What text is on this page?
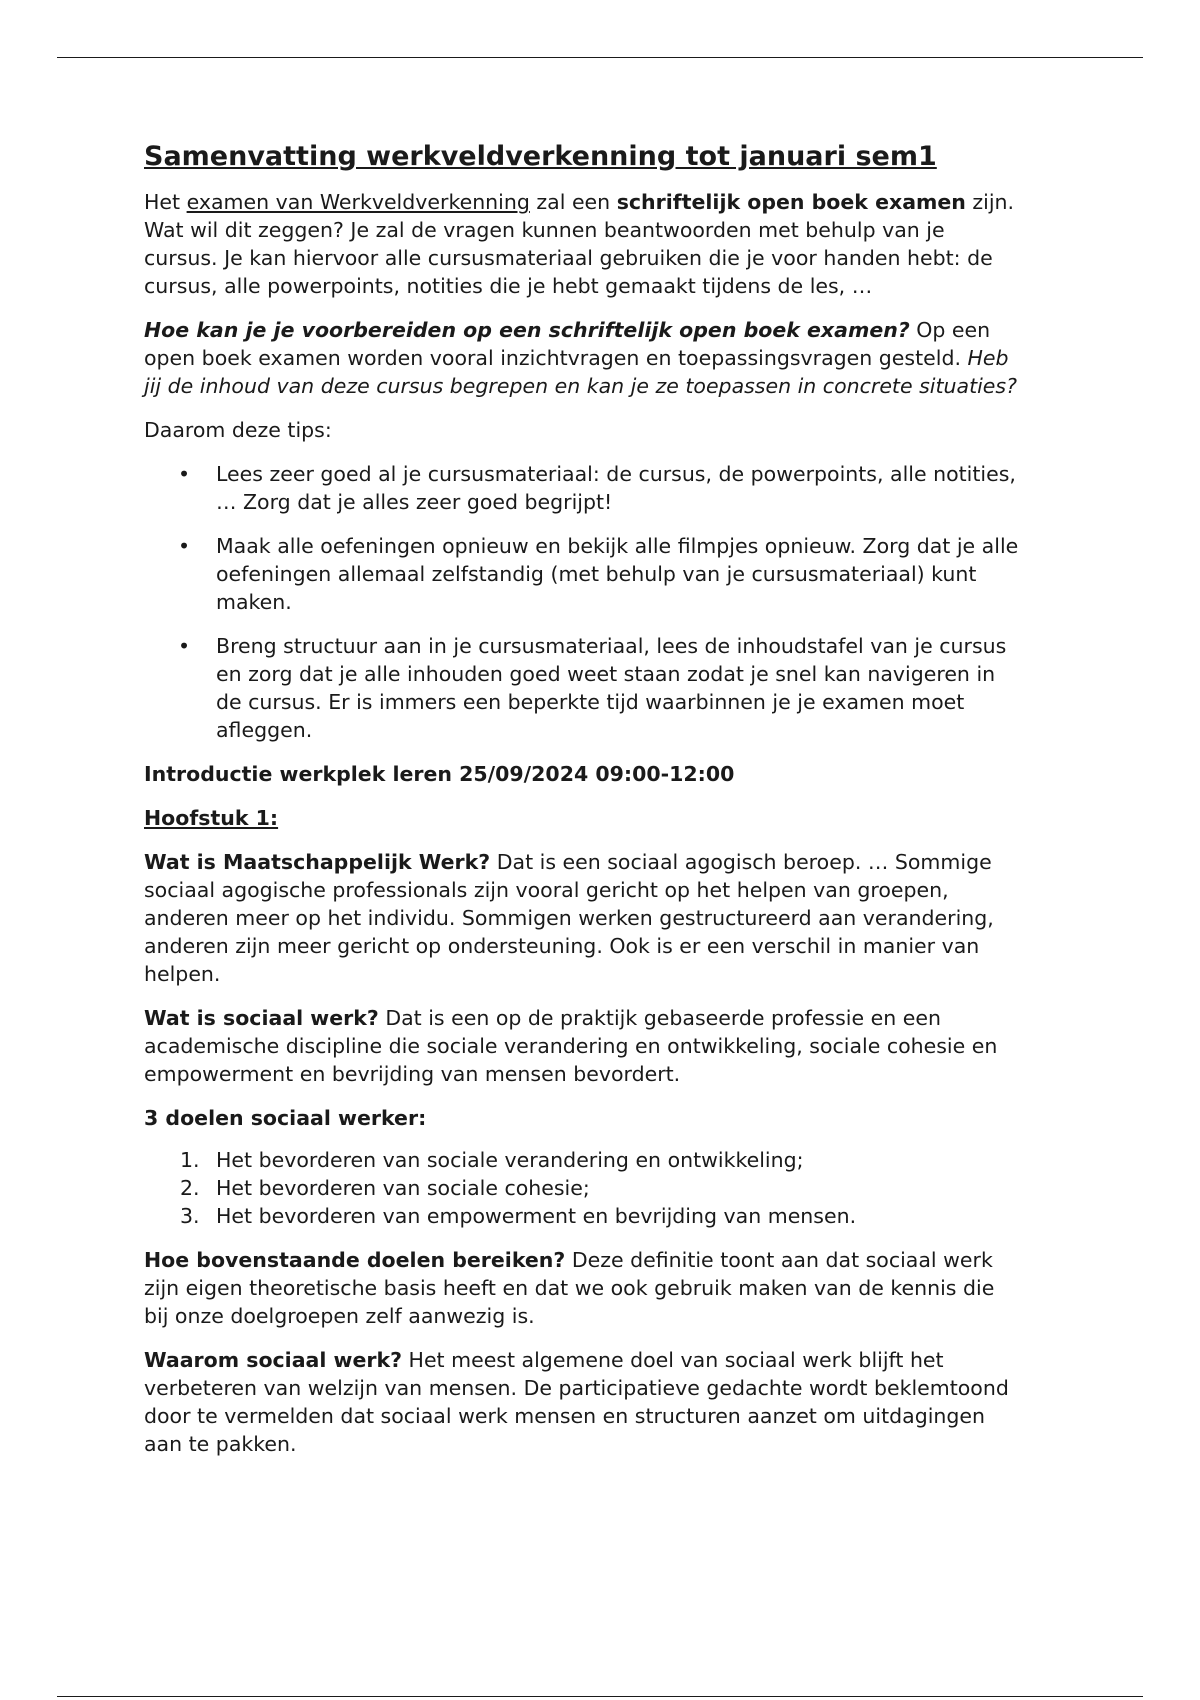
Samenvatting werkveldverkenning tot januari sem1

Het examen van Werkveldverkenning zal een schriftelijk open boek examen zijn. Wat wil dit zeggen? Je zal de vragen kunnen beantwoorden met behulp van je cursus. Je kan hiervoor alle cursusmateriaal gebruiken die je voor handen hebt: de cursus, alle powerpoints, notities die je hebt gemaakt tijdens de les, …

Hoe kan je je voorbereiden op een schriftelijk open boek examen? Op een open boek examen worden vooral inzichtvragen en toepassingsvragen gesteld. Heb jij de inhoud van deze cursus begrepen en kan je ze toepassen in concrete situaties?

Daarom deze tips:

• Lees zeer goed al je cursusmateriaal: de cursus, de powerpoints, alle notities, … Zorg dat je alles zeer goed begrijpt!
• Maak alle oefeningen opnieuw en bekijk alle filmpjes opnieuw. Zorg dat je alle oefeningen allemaal zelfstandig (met behulp van je cursusmateriaal) kunt maken.
• Breng structuur aan in je cursusmateriaal, lees de inhoudstafel van je cursus en zorg dat je alle inhouden goed weet staan zodat je snel kan navigeren in de cursus. Er is immers een beperkte tijd waarbinnen je je examen moet afleggen.

Introductie werkplek leren 25/09/2024 09:00-12:00

Hoofstuk 1:

Wat is Maatschappelijk Werk? Dat is een sociaal agogisch beroep. … Sommige sociaal agogische professionals zijn vooral gericht op het helpen van groepen, anderen meer op het individu. Sommigen werken gestructureerd aan verandering, anderen zijn meer gericht op ondersteuning. Ook is er een verschil in manier van helpen.

Wat is sociaal werk? Dat is een op de praktijk gebaseerde professie en een academische discipline die sociale verandering en ontwikkeling, sociale cohesie en empowerment en bevrijding van mensen bevordert.

3 doelen sociaal werker:

1. Het bevorderen van sociale verandering en ontwikkeling;
2. Het bevorderen van sociale cohesie;
3. Het bevorderen van empowerment en bevrijding van mensen.

Hoe bovenstaande doelen bereiken? Deze definitie toont aan dat sociaal werk zijn eigen theoretische basis heeft en dat we ook gebruik maken van de kennis die bij onze doelgroepen zelf aanwezig is.

Waarom sociaal werk? Het meest algemene doel van sociaal werk blijft het verbeteren van welzijn van mensen. De participatieve gedachte wordt beklemtoond door te vermelden dat sociaal werk mensen en structuren aanzet om uitdagingen aan te pakken.
